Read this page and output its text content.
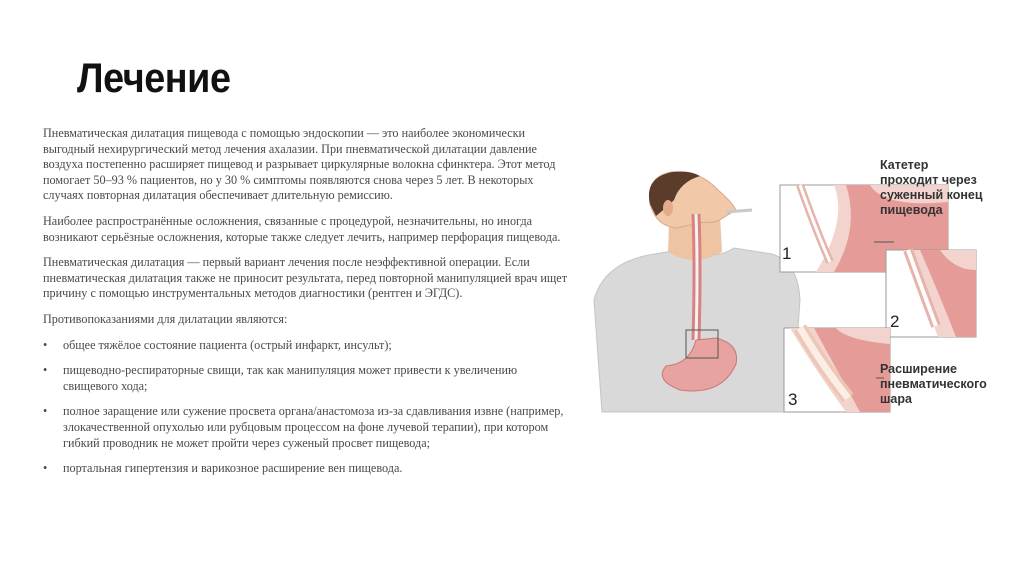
Лечение

Пневматическая дилатация пищевода с помощью эндоскопии — это наиболее экономически выгодный нехирургический метод лечения ахалазии. При пневматической дилатации давление воздуха постепенно расширяет пищевод и разрывает циркулярные волокна сфинктера. Этот метод помогает 50–93 % пациентов, но у 30 % симптомы появляются снова через 5 лет. В некоторых случаях повторная дилатация обеспечивает длительную ремиссию.

Наиболее распространённые осложнения, связанные с процедурой, незначительны, но иногда возникают серьёзные осложнения, которые также следует лечить, например перфорация пищевода.

Пневматическая дилатация — первый вариант лечения после неэффективной операции. Если пневматическая дилатация также не приносит результата, перед повторной манипуляцией врач ищет причину с помощью инструментальных методов диагностики (рентген и ЭГДС).

Противопоказаниями для дилатации являются:

• общее тяжёлое состояние пациента (острый инфаркт, инсульт);
• пищеводно-респираторные свищи, так как манипуляция может привести к увеличению свищевого хода;
• полное заращение или сужение просвета органа/анастомоза из-за сдавливания извне (например, злокачественной опухолью или рубцовым процессом на фоне лучевой терапии), при котором гибкий проводник не может пройти через суженый просвет пищевода;
• портальная гипертензия и варикозное расширение вен пищевода.
Катетер
проходит через
суженный конец
пищевода
Расширение
пневматического
шара
1
2
3
